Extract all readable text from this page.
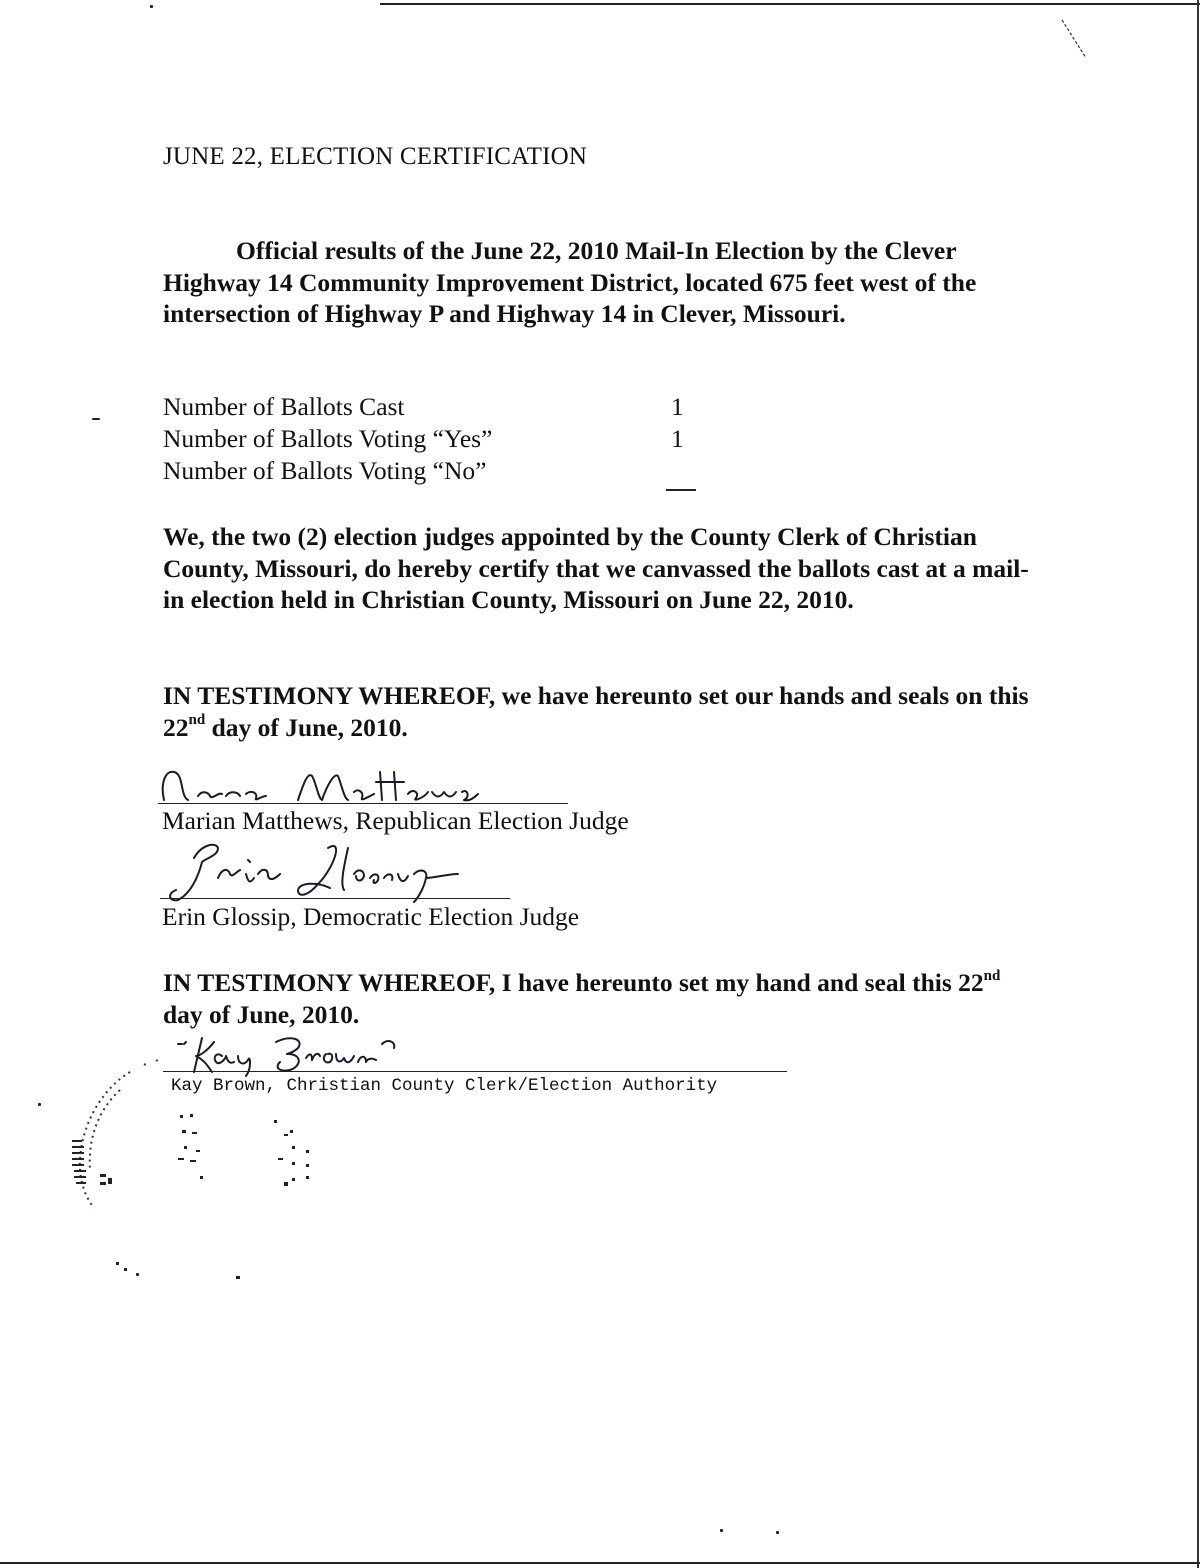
JUNE 22, ELECTION CERTIFICATION
Official results of the June 22, 2010 Mail-In Election by the Clever Highway 14 Community Improvement District, located 675 feet west of the intersection of Highway P and Highway 14 in Clever, Missouri.
Number of Ballots Cast	1
Number of Ballots Voting “Yes”	1
Number of Ballots Voting “No”
We, the two (2) election judges appointed by the County Clerk of Christian County, Missouri, do hereby certify that we canvassed the ballots cast at a mail-in election held in Christian County, Missouri on June 22, 2010.
IN TESTIMONY WHEREOF, we have hereunto set our hands and seals on this 22nd day of June, 2010.
Marian Matthews, Republican Election Judge
Erin Glossip, Democratic Election Judge
IN TESTIMONY WHEREOF, I have hereunto set my hand and seal this 22nd day of June, 2010.
Kay Brown, Christian County Clerk/Election Authority
